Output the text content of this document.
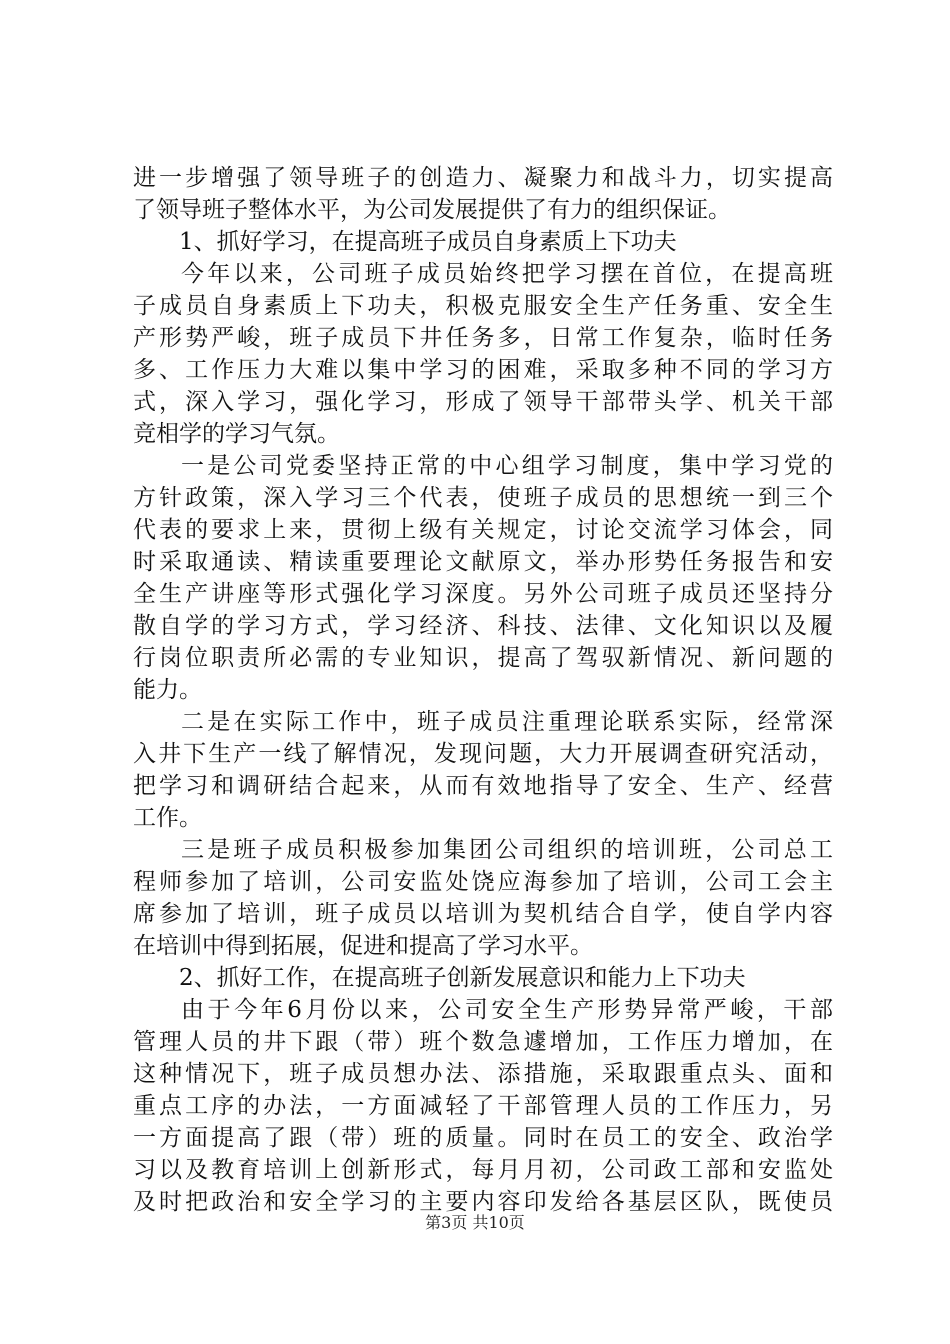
进一步增强了领导班子的创造力、凝聚力和战斗力，切实提高
了领导班子整体水平，为公司发展提供了有力的组织保证。
1、抓好学习，在提高班子成员自身素质上下功夫
今年以来，公司班子成员始终把学习摆在首位，在提高班
子成员自身素质上下功夫，积极克服安全生产任务重、安全生
产形势严峻，班子成员下井任务多，日常工作复杂，临时任务
多、工作压力大难以集中学习的困难，采取多种不同的学习方
式，深入学习，强化学习，形成了领导干部带头学、机关干部
竞相学的学习气氛。
一是公司党委坚持正常的中心组学习制度，集中学习党的
方针政策，深入学习三个代表，使班子成员的思想统一到三个
代表的要求上来，贯彻上级有关规定，讨论交流学习体会，同
时采取通读、精读重要理论文献原文，举办形势任务报告和安
全生产讲座等形式强化学习深度。另外公司班子成员还坚持分
散自学的学习方式，学习经济、科技、法律、文化知识以及履
行岗位职责所必需的专业知识，提高了驾驭新情况、新问题的
能力。
二是在实际工作中，班子成员注重理论联系实际，经常深
入井下生产一线了解情况，发现问题，大力开展调查研究活动，
把学习和调研结合起来，从而有效地指导了安全、生产、经营
工作。
三是班子成员积极参加集团公司组织的培训班，公司总工
程师参加了培训，公司安监处饶应海参加了培训，公司工会主
席参加了培训，班子成员以培训为契机结合自学，使自学内容
在培训中得到拓展，促进和提高了学习水平。
2、抓好工作，在提高班子创新发展意识和能力上下功夫
由于今年6月份以来，公司安全生产形势异常严峻，干部
管理人员的井下跟（带）班个数急遽增加，工作压力增加，在
这种情况下，班子成员想办法、添措施，采取跟重点头、面和
重点工序的办法，一方面减轻了干部管理人员的工作压力，另
一方面提高了跟（带）班的质量。同时在员工的安全、政治学
习以及教育培训上创新形式，每月月初，公司政工部和安监处
及时把政治和安全学习的主要内容印发给各基层区队，既使员
第3页 共10页
